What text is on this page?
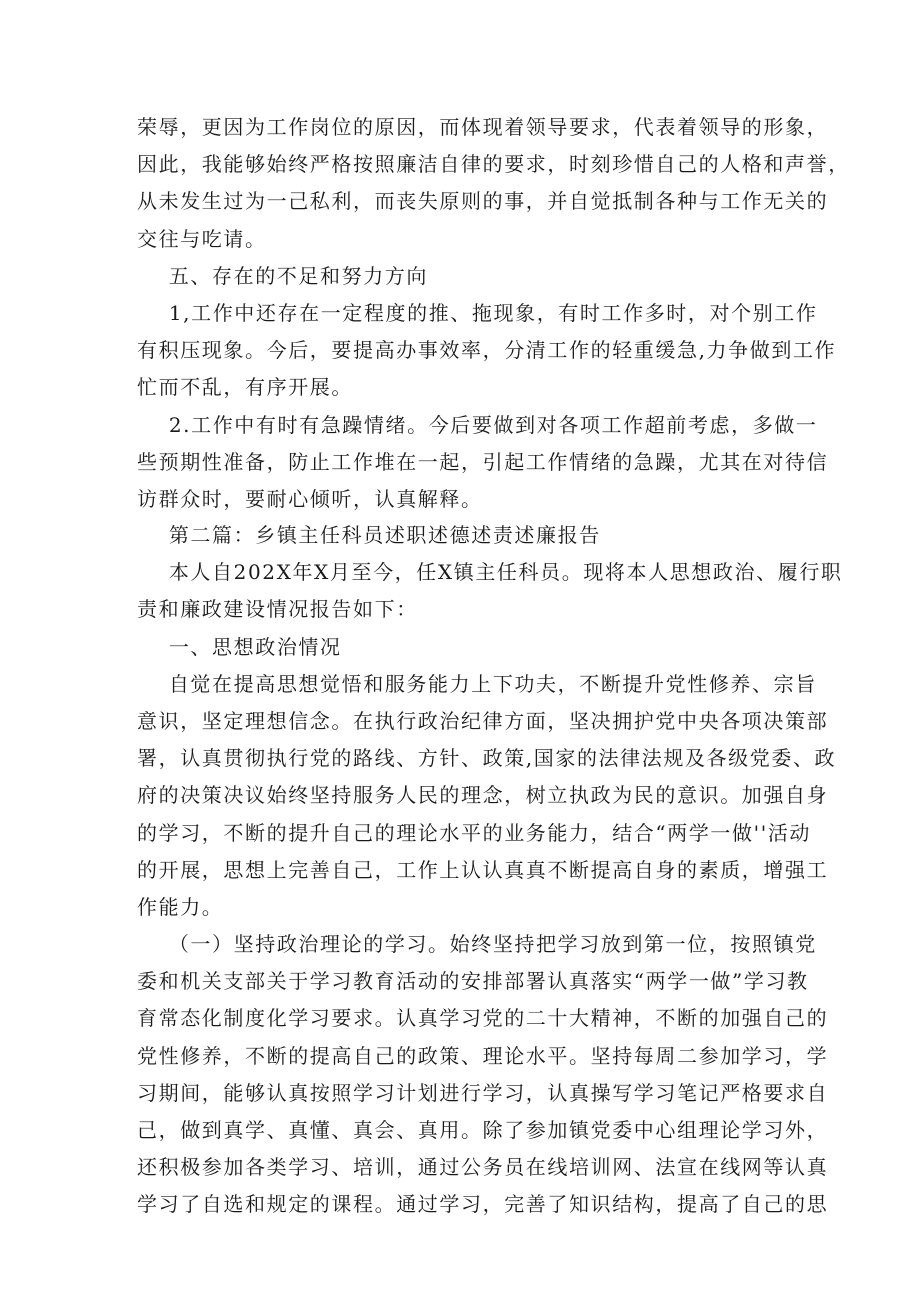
荣辱，更因为工作岗位的原因，而体现着领导要求，代表着领导的形象，
因此，我能够始终严格按照廉洁自律的要求，时刻珍惜自己的人格和声誉，
从未发生过为一己私利，而丧失原则的事，并自觉抵制各种与工作无关的
交往与吃请。
五、存在的不足和努力方向
1,工作中还存在一定程度的推、拖现象，有时工作多时，对个别工作
有积压现象。今后，要提高办事效率，分清工作的轻重缓急,力争做到工作
忙而不乱，有序开展。
2.工作中有时有急躁情绪。今后要做到对各项工作超前考虑，多做一
些预期性准备，防止工作堆在一起，引起工作情绪的急躁，尤其在对待信
访群众时，要耐心倾听，认真解释。
第二篇：乡镇主任科员述职述德述责述廉报告
本人自202X年X月至今，任X镇主任科员。现将本人思想政治、履行职
责和廉政建设情况报告如下：
一、思想政治情况
自觉在提高思想觉悟和服务能力上下功夫，不断提升党性修养、宗旨
意识，坚定理想信念。在执行政治纪律方面，坚决拥护党中央各项决策部
署，认真贯彻执行党的路线、方针、政策,国家的法律法规及各级党委、政
府的决策决议始终坚持服务人民的理念，树立执政为民的意识。加强自身
的学习，不断的提升自己的理论水平的业务能力，结合“两学一做''活动
的开展，思想上完善自己，工作上认认真真不断提高自身的素质，增强工
作能力。
（一）坚持政治理论的学习。始终坚持把学习放到第一位，按照镇党
委和机关支部关于学习教育活动的安排部署认真落实“两学一做”学习教
育常态化制度化学习要求。认真学习党的二十大精神，不断的加强自己的
党性修养，不断的提高自己的政策、理论水平。坚持每周二参加学习，学
习期间，能够认真按照学习计划进行学习，认真操写学习笔记严格要求自
己，做到真学、真懂、真会、真用。除了参加镇党委中心组理论学习外，
还积极参加各类学习、培训，通过公务员在线培训网、法宣在线网等认真
学习了自选和规定的课程。通过学习，完善了知识结构，提高了自己的思
